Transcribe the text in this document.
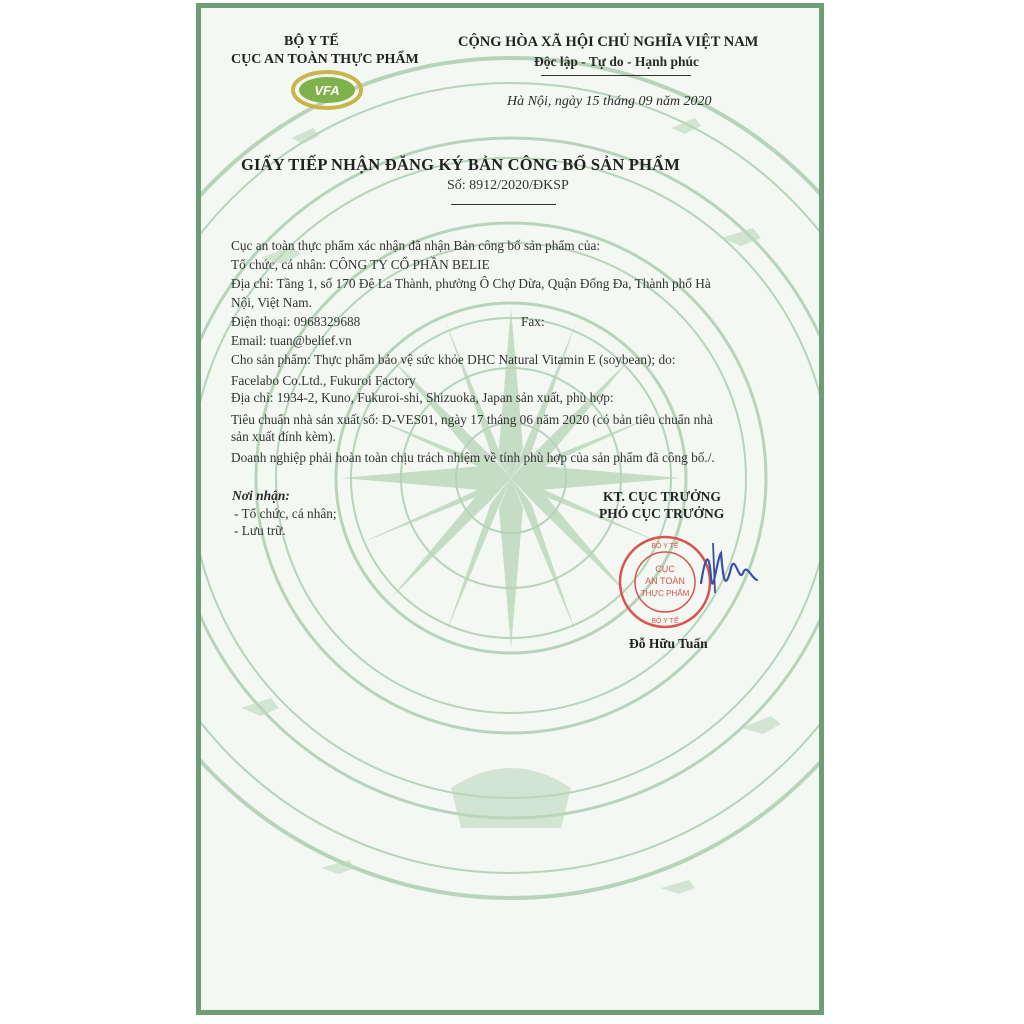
BỘ Y TẾ
CỤC AN TOÀN THỰC PHẨM
VFA
CỘNG HÒA XÃ HỘI CHỦ NGHĨA VIỆT NAM
Độc lập - Tự do - Hạnh phúc
Hà Nội, ngày 15 tháng 09 năm 2020
GIẤY TIẾP NHẬN ĐĂNG KÝ BẢN CÔNG BỐ SẢN PHẨM
Số: 8912/2020/ĐKSP
Cục an toàn thực phẩm xác nhận đã nhận Bản công bố sản phẩm của:
Tổ chức, cá nhân: CÔNG TY CỔ PHẦN BELIE
Địa chỉ: Tầng 1, số 170 Đê La Thành, phường Ô Chợ Dừa, Quận Đống Đa, Thành phố Hà
Nội, Việt Nam.
Điện thoại: 0968329688	Fax:
Email: tuan@belief.vn
Cho sản phẩm: Thực phẩm bảo vệ sức khỏe DHC Natural Vitamin E (soybean); do:
Facelabo Co.Ltd., Fukuroi Factory
Địa chỉ: 1934-2, Kuno, Fukuroi-shi, Shizuoka, Japan sản xuất, phù hợp:
Tiêu chuẩn nhà sản xuất số: D-VES01, ngày 17 tháng 06 năm 2020 (có bản tiêu chuẩn nhà
sản xuất đính kèm).
Doanh nghiệp phải hoàn toàn chịu trách nhiệm về tính phù hợp của sản phẩm đã công bố./.
Nơi nhận:
- Tổ chức, cá nhân;
- Lưu trữ.
KT. CỤC TRƯỞNG
PHÓ CỤC TRƯỞNG
BỘ Y TẾ
BỘ Y TẾ
CỤC
AN TOÀN
THỰC PHẨM
Đỗ Hữu Tuấn
